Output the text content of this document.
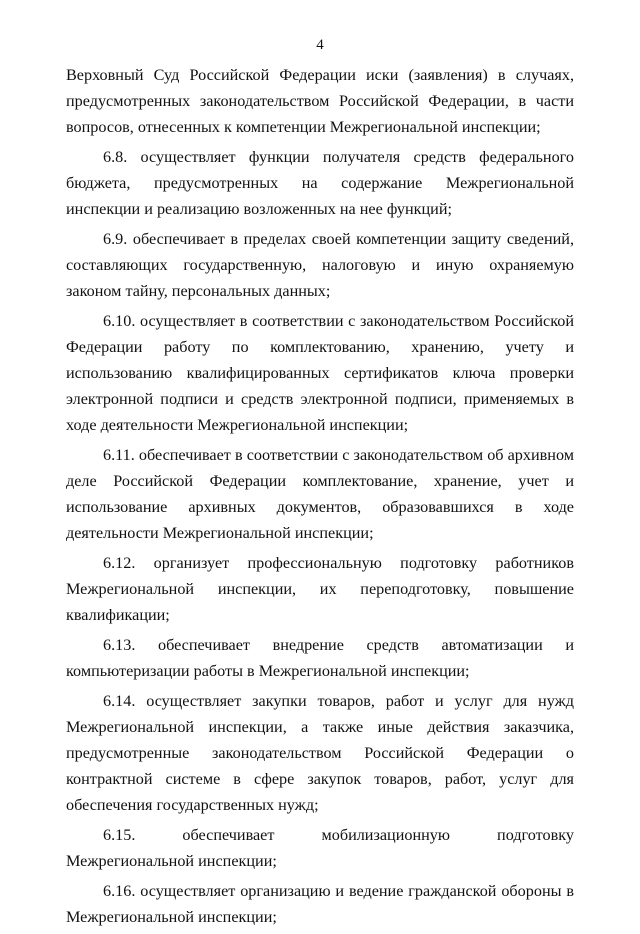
4

Верховный Суд Российской Федерации иски (заявления) в случаях, предусмотренных законодательством Российской Федерации, в части вопросов, отнесенных к компетенции Межрегиональной инспекции;

6.8. осуществляет функции получателя средств федерального бюджета, предусмотренных на содержание Межрегиональной инспекции и реализацию возложенных на нее функций;

6.9. обеспечивает в пределах своей компетенции защиту сведений, составляющих государственную, налоговую и иную охраняемую законом тайну, персональных данных;

6.10. осуществляет в соответствии с законодательством Российской Федерации работу по комплектованию, хранению, учету и использованию квалифицированных сертификатов ключа проверки электронной подписи и средств электронной подписи, применяемых в ходе деятельности Межрегиональной инспекции;

6.11. обеспечивает в соответствии с законодательством об архивном деле Российской Федерации комплектование, хранение, учет и использование архивных документов, образовавшихся в ходе деятельности Межрегиональной инспекции;

6.12. организует профессиональную подготовку работников Межрегиональной инспекции, их переподготовку, повышение квалификации;

6.13. обеспечивает внедрение средств автоматизации и компьютеризации работы в Межрегиональной инспекции;

6.14. осуществляет закупки товаров, работ и услуг для нужд Межрегиональной инспекции, а также иные действия заказчика, предусмотренные законодательством Российской Федерации о контрактной системе в сфере закупок товаров, работ, услуг для обеспечения государственных нужд;

6.15. обеспечивает мобилизационную подготовку Межрегиональной инспекции;

6.16. осуществляет организацию и ведение гражданской обороны в Межрегиональной инспекции;
